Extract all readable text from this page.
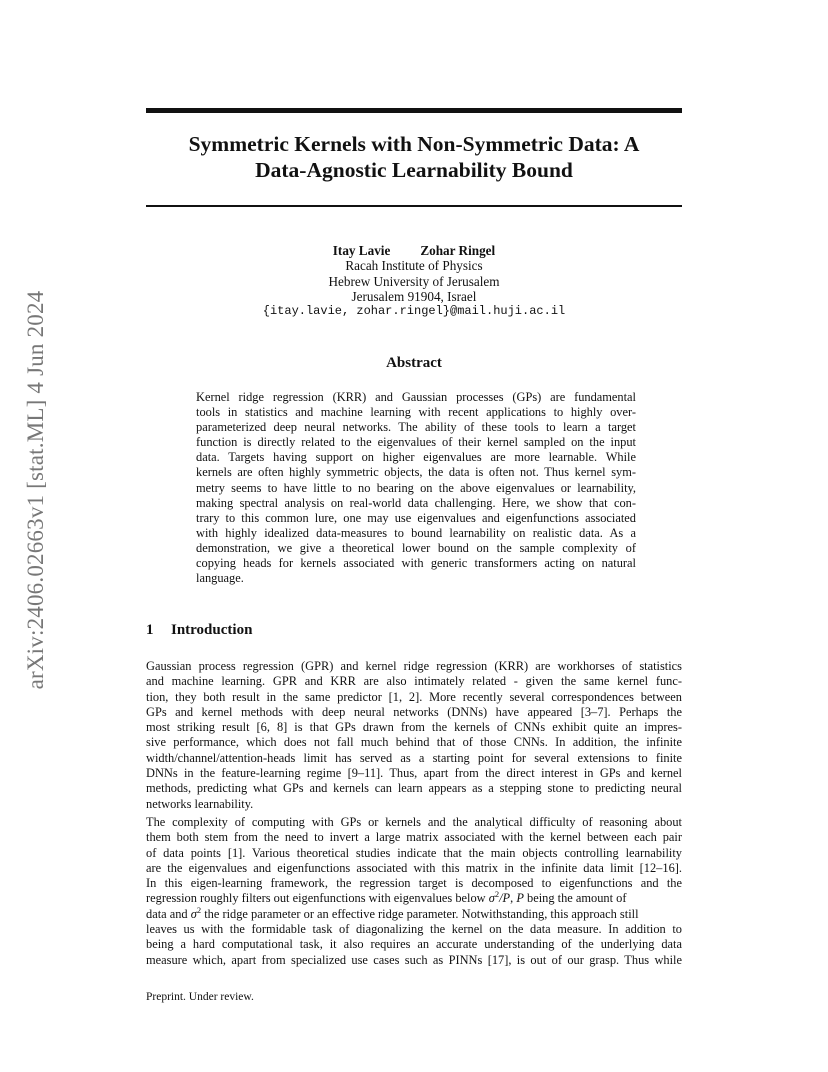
arXiv:2406.02663v1 [stat.ML] 4 Jun 2024
Symmetric Kernels with Non-Symmetric Data: A
Data-Agnostic Learnability Bound
Itay Lavie Zohar Ringel
Racah Institute of Physics
Hebrew University of Jerusalem
Jerusalem 91904, Israel
{itay.lavie, zohar.ringel}@mail.huji.ac.il
Abstract
Kernel ridge regression (KRR) and Gaussian processes (GPs) are fundamental
tools in statistics and machine learning with recent applications to highly over-
parameterized deep neural networks. The ability of these tools to learn a target
function is directly related to the eigenvalues of their kernel sampled on the input
data. Targets having support on higher eigenvalues are more learnable. While
kernels are often highly symmetric objects, the data is often not. Thus kernel sym-
metry seems to have little to no bearing on the above eigenvalues or learnability,
making spectral analysis on real-world data challenging. Here, we show that con-
trary to this common lure, one may use eigenvalues and eigenfunctions associated
with highly idealized data-measures to bound learnability on realistic data. As a
demonstration, we give a theoretical lower bound on the sample complexity of
copying heads for kernels associated with generic transformers acting on natural
language.
1 Introduction
Gaussian process regression (GPR) and kernel ridge regression (KRR) are workhorses of statistics
and machine learning. GPR and KRR are also intimately related - given the same kernel func-
tion, they both result in the same predictor [1, 2]. More recently several correspondences between
GPs and kernel methods with deep neural networks (DNNs) have appeared [3–7]. Perhaps the
most striking result [6, 8] is that GPs drawn from the kernels of CNNs exhibit quite an impres-
sive performance, which does not fall much behind that of those CNNs. In addition, the infinite
width/channel/attention-heads limit has served as a starting point for several extensions to finite
DNNs in the feature-learning regime [9–11]. Thus, apart from the direct interest in GPs and kernel
methods, predicting what GPs and kernels can learn appears as a stepping stone to predicting neural
networks learnability.
The complexity of computing with GPs or kernels and the analytical difficulty of reasoning about
them both stem from the need to invert a large matrix associated with the kernel between each pair
of data points [1]. Various theoretical studies indicate that the main objects controlling learnability
are the eigenvalues and eigenfunctions associated with this matrix in the infinite data limit [12–16].
In this eigen-learning framework, the regression target is decomposed to eigenfunctions and the
regression roughly filters out eigenfunctions with eigenvalues below $\sigma^2/P$, P being the amount of
data and $\sigma^2$ the ridge parameter or an effective ridge parameter. Notwithstanding, this approach still
leaves us with the formidable task of diagonalizing the kernel on the data measure. In addition to
being a hard computational task, it also requires an accurate understanding of the underlying data
measure which, apart from specialized use cases such as PINNs [17], is out of our grasp. Thus while
Preprint. Under review.
